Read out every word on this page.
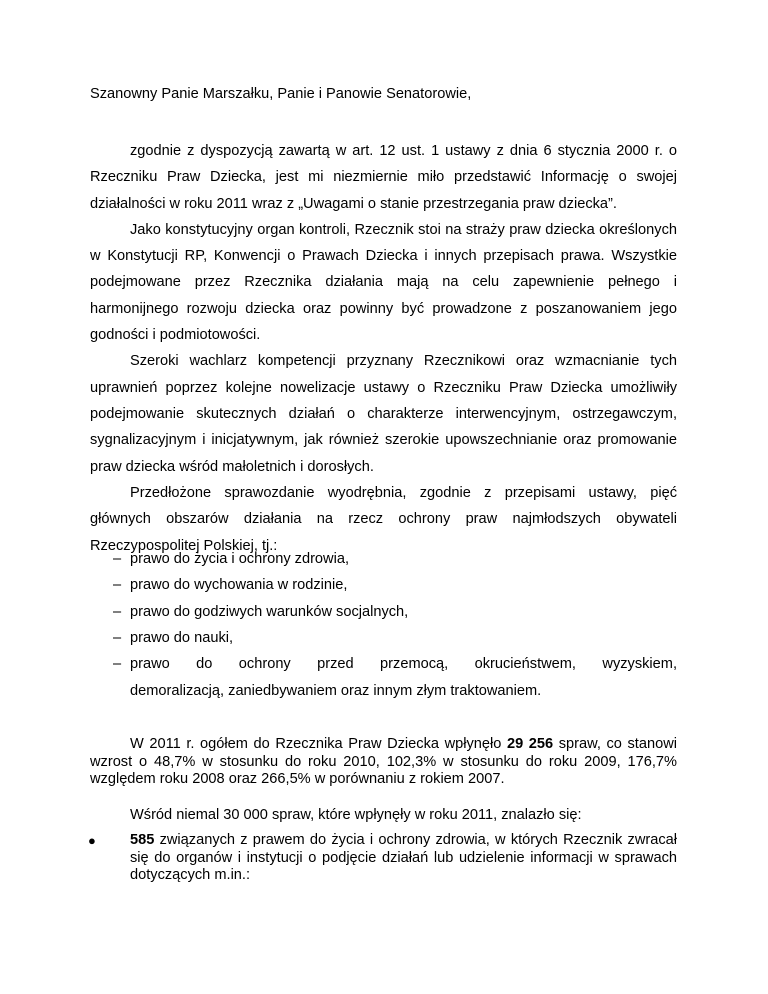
Szanowny Panie Marszałku, Panie i Panowie Senatorowie,

zgodnie z dyspozycją zawartą w art. 12 ust. 1 ustawy z dnia 6 stycznia 2000 r. o Rzeczniku Praw Dziecka, jest mi niezmiernie miło przedstawić Informację o swojej działalności w roku 2011 wraz z „Uwagami o stanie przestrzegania praw dziecka”.

Jako konstytucyjny organ kontroli, Rzecznik stoi na straży praw dziecka określonych w Konstytucji RP, Konwencji o Prawach Dziecka i innych przepisach prawa. Wszystkie podejmowane przez Rzecznika działania mają na celu zapewnienie pełnego i harmonijnego rozwoju dziecka oraz powinny być prowadzone z poszanowaniem jego godności i podmiotowości.
Szeroki wachlarz kompetencji przyznany Rzecznikowi oraz wzmacnianie tych uprawnień poprzez kolejne nowelizacje ustawy o Rzeczniku Praw Dziecka umożliwiły podejmowanie skutecznych działań o charakterze interwencyjnym, ostrzegawczym, sygnalizacyjnym i inicjatywnym, jak również szerokie upowszechnianie oraz promowanie praw dziecka wśród małoletnich i dorosłych.

Przedłożone sprawozdanie wyodrębnia, zgodnie z przepisami ustawy, pięć głównych obszarów działania na rzecz ochrony praw najmłodszych obywateli Rzeczypospolitej Polskiej, tj.:

– prawo do życia i ochrony zdrowia,
– prawo do wychowania w rodzinie,
– prawo do godziwych warunków socjalnych,
– prawo do nauki,
– prawo do ochrony przed przemocą, okrucieństwem, wyzyskiem,

demoralizacją, zaniedbywaniem oraz innym złym traktowaniem.

W 2011 r. ogółem do Rzecznika Praw Dziecka wpłynęło 29 256 spraw, co stanowi wzrost o 48,7% w stosunku do roku 2010, 102,3% w stosunku do roku 2009, 176,7% względem roku 2008 oraz 266,5% w porównaniu z rokiem 2007.

Wśród niemal 30 000 spraw, które wpłynęły w roku 2011, znalazło się:

● 585 związanych z prawem do życia i ochrony zdrowia, w których Rzecznik zwracał się do organów i instytucji o podjęcie działań lub udzielenie informacji w sprawach dotyczących m.in.:
